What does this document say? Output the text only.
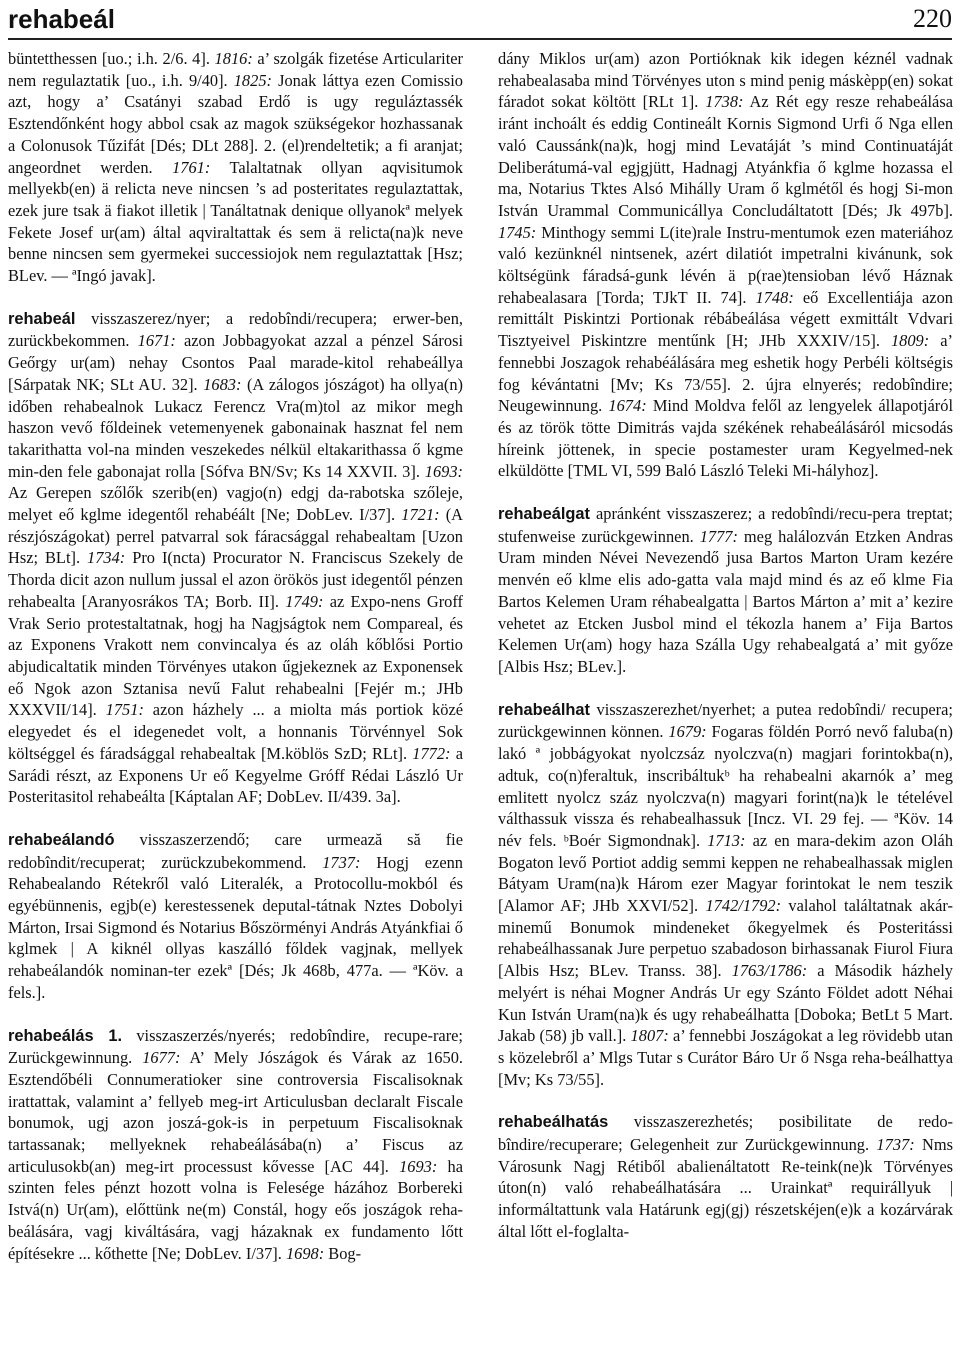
rehabeál	220

büntetthessen [uo.; i.h. 2/6. 4]. 1816: a’ szolgák fizetése Articulariter nem regulaztatik [uo., i.h. 9/40]. 1825: Jonak láttya ezen Comissio azt, hogy a’ Csatányi szabad Erdő is ugy reguláztassék Esztendőnként hogy abbol csak az magok szükségekor hozhassanak a Colonusok Tűzifát [Dés; DLt 288]. 2. (el)rendeltetik; a fi aranjat; angeordnet werden. 1761: Talaltatnak ollyan aqvisitumok mellyekb(en) ä relicta neve nincsen ’s ad posteritates regulaztattak, ezek jure tsak ä fiakot illetik | Tanáltatnak denique ollyanokª melyek Fekete Josef ur(am) által aqviraltattak és sem ä relicta(na)k neve benne nincsen sem gyermekei successiojok nem regulaztattak [Hsz; BLev. — ªIngó javak].

rehabeál visszaszerez/nyer; a redobîndi/recupera; erwer-ben, zurückbekommen. 1671: azon Jobbagyokat azzal a pénzel Sárosi Geőrgy ur(am) nehay Csontos Paal marade-kitol rehabeállya [Sárpatak NK; SLt AU. 32]. 1683: (A zálogos jószágot) ha ollya(n) időben rehabealnok Lukacz Ferencz Vra(m)tol az mikor megh haszon vevő főldeinek vetemenyenek gabonainak hasznat fel nem takarithatta vol-na minden veszekedes nélkül eltakarithassa ő kgme min-den fele gabonajat rolla [Sófva BN/Sv; Ks 14 XXVII. 3]. 1693: Az Gerepen szőlők szerib(en) vagjo(n) edgj da-rabotska szőleje, melyet eő kglme idegentől rehabéált [Ne; DobLev. I/37]. 1721: (A részjószágokat) perrel patvarral sok fáracsággal rehabealtam [Uzon Hsz; BLt]. 1734: Pro I(ncta) Procurator N. Franciscus Szekely de Thorda dicit azon nullum jussal el azon örökös just idegentől pénzen rehabealta [Aranyosrákos TA; Borb. II]. 1749: az Expo-nens Groff Vrak Serio protestaltatnak, hogj ha Nagjságtok nem Compareal, és az Exponens Vrakott nem convincalya és az oláh kőblősi Portio abjudicaltatik minden Törvényes utakon űgjekeznek az Exponensek eő Ngok azon Sztanisa nevű Falut rehabealni [Fejér m.; JHb XXXVII/14]. 1751: azon házhely ... a miolta más portiok közé elegyedet és el idegenedet volt, a honnanis Törvénnyel Sok költséggel és fáradsággal rehabealtak [M.köblös SzD; RLt]. 1772: a Sarádi részt, az Exponens Ur eő Kegyelme Gróff Rédai László Ur Posteritasitol rehabeálta [Káptalan AF; DobLev. II/439. 3a].

rehabeálandó visszaszerzendő; care urmează să fie redobîndit/recuperat; zurückzubekommend. 1737: Hogj ezenn Rehabealando Rétekről való Literalék, a Protocollu-mokból és egyébünnenis, egjb(e) kerestessenek deputal-tátnak Nztes Dobolyi Márton, Irsai Sigmond és Notarius Bőszörményi András Atyánkfiai ő kglmek | A kiknél ollyas kaszálló főldek vagjnak, mellyek rehabeálandók nominan-ter ezekª [Dés; Jk 468b, 477a. — ªKöv. a fels.].

rehabeálás 1. visszaszerzés/nyerés; redobîndire, recupe-rare; Zurückgewinnung. 1677: A’ Mely Jószágok és Várak az 1650. Esztendőbéli Connumeratioker sine controversia Fiscalisoknak irattattak, valamint a’ fellyeb meg-irt Articulusban declaralt Fiscale bonumok, ugj azon joszá-gok-is in perpetuum Fiscalisoknak tartassanak; mellyeknek rehabeálásába(n) a’ Fiscus az articulusokb(an) meg-irt processust kővesse [AC 44]. 1693: ha szinten feles pénzt hozott volna is Felesége házához Borbereki Istvá(n) Ur(am), előttünk ne(m) Constál, hogy eős joszágok reha-beálására, vagj kiváltására, vagj házaknak ex fundamento lőtt építésekre ... kőthette [Ne; DobLev. I/37]. 1698: Bog-

dány Miklos ur(am) azon Portióknak kik idegen kéznél vadnak rehabealasaba mind Törvényes uton s mind penig máskèpp(en) sokat fáradot sokat költött [RLt 1]. 1738: Az Rét egy resze rehabeálása iránt inchoált és eddig Contineált Kornis Sigmond Urfi ő Nga ellen való Caussánk(na)k, hogj mind Levatáját ’s mind Continuatáját Deliberátumá-val egjgjütt, Hadnagj Atyánkfia ő kglme hozassa el ma, Notarius Tktes Alsó Mihálly Uram ő kglmétől és hogj Si-mon István Urammal Communicállya Concludáltatott [Dés; Jk 497b]. 1745: Minthogy semmi L(ite)rale Instru-mentumok ezen materiához való kezünknél nintsenek, azért dilatiót impetralni kivánunk, sok költségünk fáradsá-gunk lévén ä p(rae)tensioban lévő Háznak rehabealasara [Torda; TJkT II. 74]. 1748: eő Excellentiája azon remittált Piskintzi Portionak rébábeálása végett exmittált Vdvari Tisztyeivel Piskintzre mentűnk [H; JHb XXXIV/15]. 1809: a’ fennebbi Joszagok rehabéálására meg eshetik hogy Perbéli költségis fog kévántatni [Mv; Ks 73/55]. 2. újra elnyerés; redobîndire; Neugewinnung. 1674: Mind Moldva felől az lengyelek állapotjáról és az török tötte Dimitrás vajda székének rehabeálásáról micsodás híreink jöttenek, in specie postamester uram Kegyelmed-nek elküldötte [TML VI, 599 Baló László Teleki Mi-hályhoz].

rehabeálgat apránként visszaszerez; a redobîndi/recu-pera treptat; stufenweise zurückgewinnen. 1777: meg halálozván Etzken Andras Uram minden Névei Nevezendő jusa Bartos Marton Uram kezére menvén eő klme elis ado-gatta vala majd mind és az eő klme Fia Bartos Kelemen Uram réhabealgatta | Bartos Márton a’ mit a’ kezire vehetet az Etcken Jusbol mind el tékozla hanem a’ Fija Bartos Kelemen Ur(am) hogy haza Szálla Ugy rehabealgatá a’ mit győze [Albis Hsz; BLev.].

rehabeálhat visszaszerezhet/nyerhet; a putea redobîndi/ recupera; zurückgewinnen können. 1679: Fogaras földén Porró nevő faluba(n) lakó ª jobbágyokat nyolczsáz nyolczva(n) magjari forintokba(n), adtuk, co(n)feraltuk, inscribáltukᵇ ha rehabealni akarnók a’ meg emlitett nyolcz száz nyolczva(n) magyari forint(na)k le tételével válthassuk vissza és rehabealhassuk [Incz. VI. 29 fej. — ªKöv. 14 név fels. ᵇBoér Sigmondnak]. 1713: az en mara-dekim azon Oláh Bogaton levő Portiot addig semmi keppen ne rehabealhassak miglen Bátyam Uram(na)k Három ezer Magyar forintokat le nem teszik [Alamor AF; JHb XXVI/52]. 1742/1792: valahol találtatnak akár-minemű Bonumok mindeneket őkegyelmek és Posteritássi rehabeálhassanak Jure perpetuo szabadoson birhassanak Fiurol Fiura [Albis Hsz; BLev. Transs. 38]. 1763/1786: a Második házhely melyért is néhai Mogner András Ur egy Szánto Földet adott Néhai Kun István Uram(na)k és ugy rehabeálhatta [Doboka; BetLt 5 Mart. Jakab (58) jb vall.]. 1807: a’ fennebbi Joszágokat a leg rövidebb utan s közelebről a’ Mlgs Tutar s Curátor Báro Ur ő Nsga reha-beálhattya [Mv; Ks 73/55].

rehabeálhatás visszaszerezhetés; posibilitate de redo-bîndire/recuperare; Gelegenheit zur Zurückgewinnung. 1737: Nms Városunk Nagj Rétiből abalienáltatott Re-teink(ne)k Törvényes úton(n) való rehabeálhatására ... Urainkatª requirállyuk | informáltattunk vala Határunk egj(gj) részetskéjen(e)k a kozárvárak által lőtt el-foglalta-
